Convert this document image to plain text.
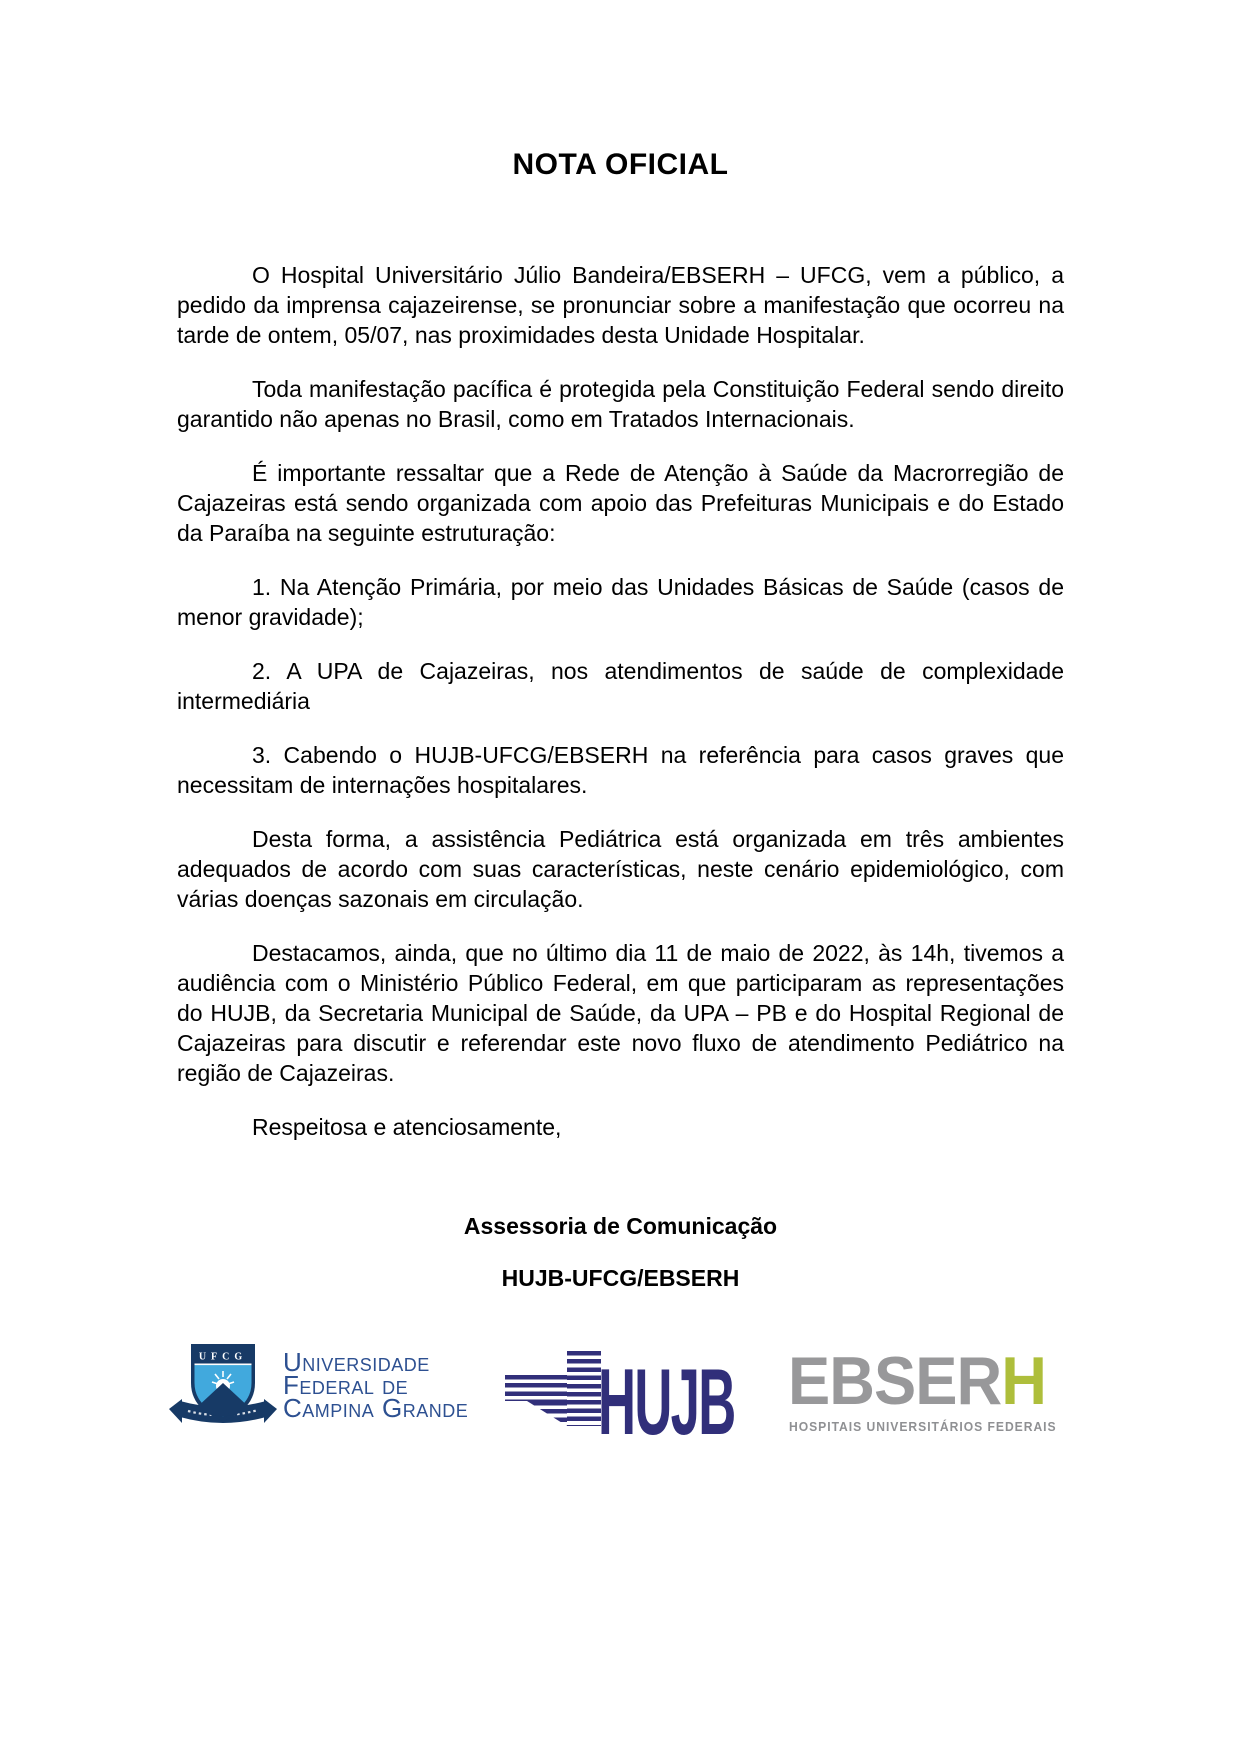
NOTA OFICIAL

O Hospital Universitário Júlio Bandeira/EBSERH – UFCG, vem a público, a pedido da imprensa cajazeirense, se pronunciar sobre a manifestação que ocorreu na tarde de ontem, 05/07, nas proximidades desta Unidade Hospitalar.

Toda manifestação pacífica é protegida pela Constituição Federal sendo direito garantido não apenas no Brasil, como em Tratados Internacionais.

É importante ressaltar que a Rede de Atenção à Saúde da Macrorregião de Cajazeiras está sendo organizada com apoio das Prefeituras Municipais e do Estado da Paraíba na seguinte estruturação:

1. Na Atenção Primária, por meio das Unidades Básicas de Saúde (casos de menor gravidade);

2. A UPA de Cajazeiras, nos atendimentos de saúde de complexidade intermediária

3. Cabendo o HUJB-UFCG/EBSERH na referência para casos graves que necessitam de internações hospitalares.

Desta forma, a assistência Pediátrica está organizada em três ambientes adequados de acordo com suas características, neste cenário epidemiológico, com várias doenças sazonais em circulação.

Destacamos, ainda, que no último dia 11 de maio de 2022, às 14h, tivemos a audiência com o Ministério Público Federal, em que participaram as representações do HUJB, da Secretaria Municipal de Saúde, da UPA – PB e do Hospital Regional de Cajazeiras para discutir e referendar este novo fluxo de atendimento Pediátrico na região de Cajazeiras.

Respeitosa e atenciosamente,

Assessoria de Comunicação

HUJB-UFCG/EBSERH

UFCG Universidade
Federal de
Campina Grande HUJB EBSERH
HOSPITAIS UNIVERSITÁRIOS FEDERAIS
